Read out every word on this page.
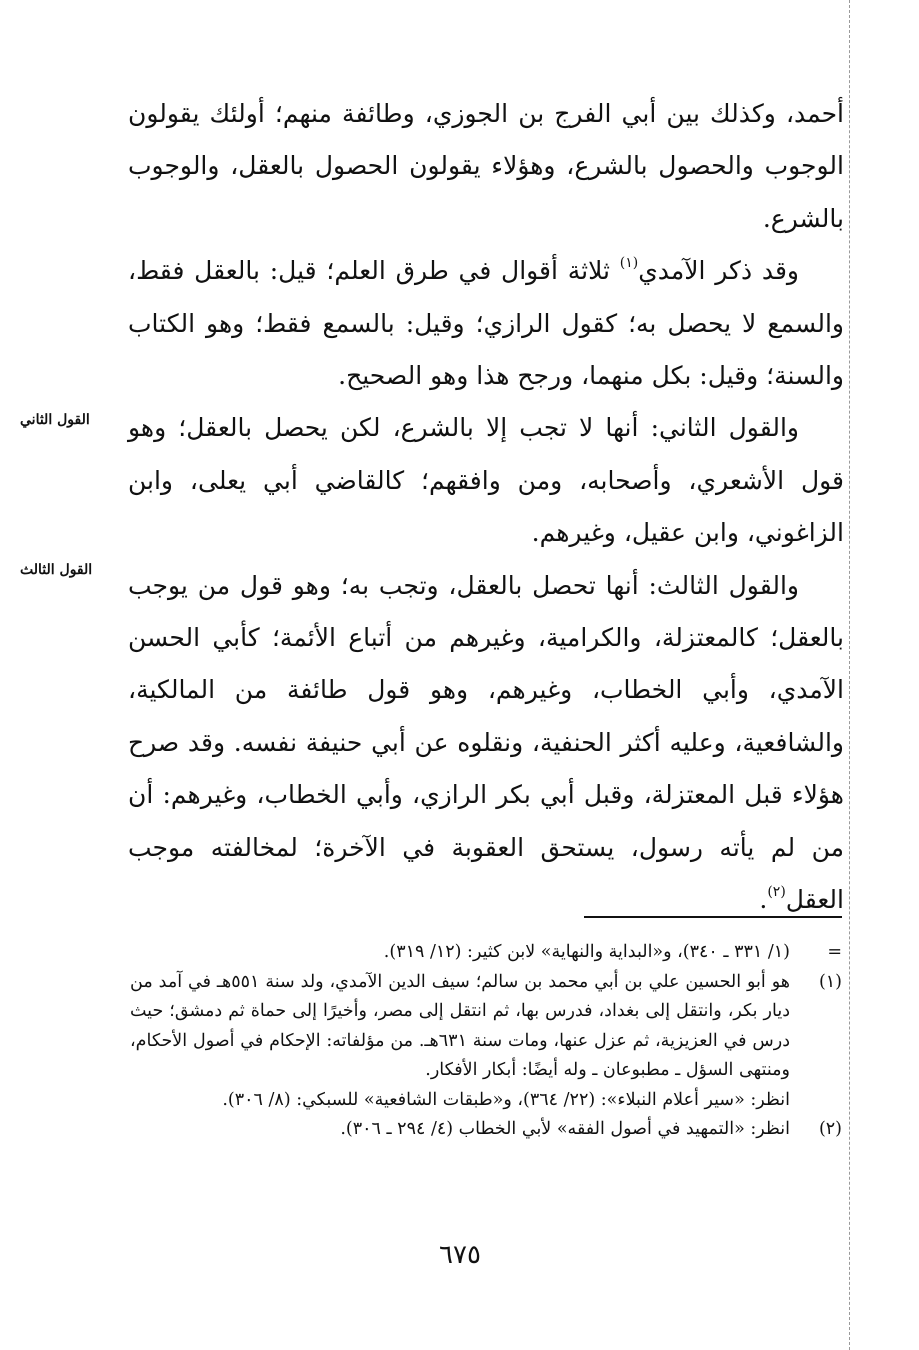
أحمد، وكذلك بين أبي الفرج بن الجوزي، وطائفة منهم؛ أولئك يقولون الوجوب والحصول بالشرع، وهؤلاء يقولون الحصول بالعقل، والوجوب بالشرع.

وقد ذكر الآمدي$^{(١)}$ ثلاثة أقوال في طرق العلم؛ قيل: بالعقل فقط، والسمع لا يحصل به؛ كقول الرازي؛ وقيل: بالسمع فقط؛ وهو الكتاب والسنة؛ وقيل: بكل منهما، ورجح هذا وهو الصحيح.

والقول الثاني: أنها لا تجب إلا بالشرع، لكن يحصل بالعقل؛ وهو قول الأشعري، وأصحابه، ومن وافقهم؛ كالقاضي أبي يعلى، وابن الزاغوني، وابن عقيل، وغيرهم.

والقول الثالث: أنها تحصل بالعقل، وتجب به؛ وهو قول من يوجب بالعقل؛ كالمعتزلة، والكرامية، وغيرهم من أتباع الأئمة؛ كأبي الحسن الآمدي، وأبي الخطاب، وغيرهم، وهو قول طائفة من المالكية، والشافعية، وعليه أكثر الحنفية، ونقلوه عن أبي حنيفة نفسه. وقد صرح هؤلاء قبل المعتزلة، وقبل أبي بكر الرازي، وأبي الخطاب، وغيرهم: أن من لم يأته رسول، يستحق العقوبة في الآخرة؛ لمخالفته موجب العقل$^{(٢)}$.

القول الثاني
القول الثالث
=
(١/ ٣٣١ ـ ٣٤٠)، و«البداية والنهاية» لابن كثير: (١٢/ ٣١٩).
(١)
هو أبو الحسين علي بن أبي محمد بن سالم؛ سيف الدين الآمدي، ولد سنة ٥٥١هـ في آمد من ديار بكر، وانتقل إلى بغداد، فدرس بها، ثم انتقل إلى مصر، وأخيرًا إلى حماة ثم دمشق؛ حيث درس في العزيزية، ثم عزل عنها، ومات سنة ٦٣١هـ. من مؤلفاته: الإحكام في أصول الأحكام، ومنتهى السؤل ـ مطبوعان ـ وله أيضًا: أبكار الأفكار.
انظر: «سير أعلام النبلاء»: (٢٢/ ٣٦٤)، و«طبقات الشافعية» للسبكي: (٨/ ٣٠٦).
(٢)
انظر: «التمهيد في أصول الفقه» لأبي الخطاب (٤/ ٢٩٤ ـ ٣٠٦).
٦٧٥
